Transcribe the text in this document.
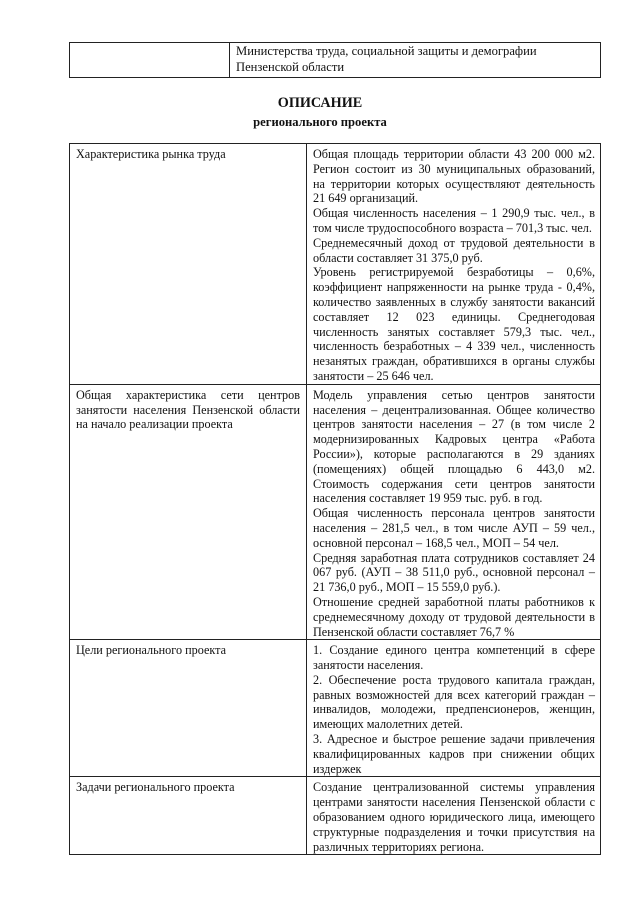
Министерства труда, социальной защиты и демографии
Пензенской области
ОПИСАНИЕ
регионального проекта
Характеристика рынка труда	Общая площадь территории области 43 200 000 м2. Регион состоит из 30 муниципальных образований, на территории которых осуществляют деятельность 21 649 организаций.
Общая численность населения – 1 290,9 тыс. чел., в том числе трудоспособного возраста – 701,3 тыс. чел.
Среднемесячный доход от трудовой деятельности в области составляет 31 375,0 руб.
Уровень регистрируемой безработицы – 0,6%, коэффициент напряженности на рынке труда - 0,4%, количество заявленных в службу занятости вакансий составляет 12 023 единицы. Среднегодовая численность занятых составляет 579,3 тыс. чел., численность безработных – 4 339 чел., численность незанятых граждан, обратившихся в органы службы занятости – 25 646 чел.

Общая характеристика сети центров занятости населения Пензенской области на начало реализации проекта	Модель управления сетью центров занятости населения – децентрализованная. Общее количество центров занятости населения – 27 (в том числе 2 модернизированных Кадровых центра «Работа России»), которые располагаются в 29 зданиях (помещениях) общей площадью 6 443,0 м2. Стоимость содержания сети центров занятости населения составляет 19 959 тыс. руб. в год.
Общая численность персонала центров занятости населения – 281,5 чел., в том числе АУП – 59 чел., основной персонал – 168,5 чел., МОП – 54 чел.
Средняя заработная плата сотрудников составляет 24 067 руб. (АУП – 38 511,0 руб., основной персонал – 21 736,0 руб., МОП – 15 559,0 руб.).
Отношение средней заработной платы работников к среднемесячному доходу от трудовой деятельности в Пензенской области составляет 76,7 %

Цели регионального проекта	1. Создание единого центра компетенций в сфере занятости населения.
2. Обеспечение роста трудового капитала граждан, равных возможностей для всех категорий граждан – инвалидов, молодежи, предпенсионеров, женщин, имеющих малолетних детей.
3. Адресное и быстрое решение задачи привлечения квалифицированных кадров при снижении общих издержек

Задачи регионального проекта	Создание централизованной системы управления центрами занятости населения Пензенской области с образованием одного юридического лица, имеющего структурные подразделения и точки присутствия на различных территориях региона.
